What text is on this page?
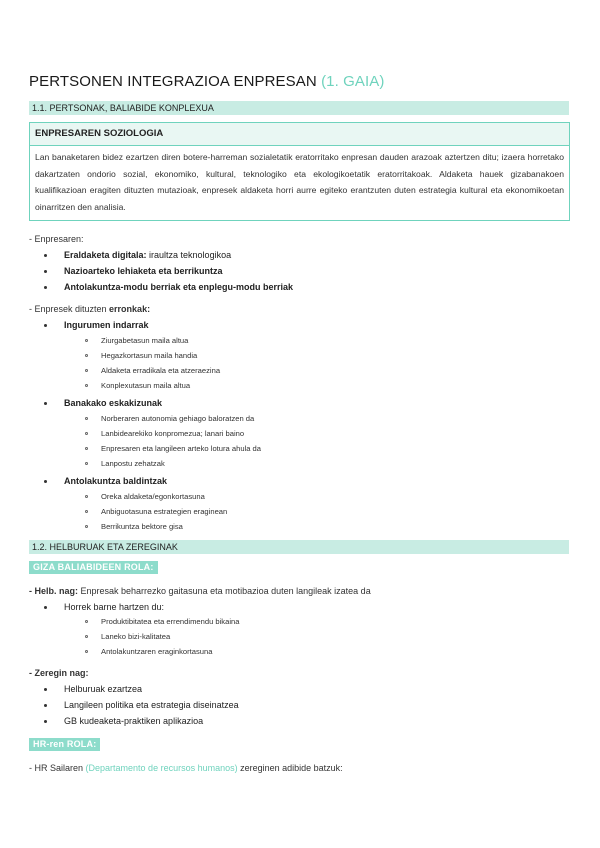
PERTSONEN INTEGRAZIOA ENPRESAN (1. GAIA)
1.1. PERTSONAK, BALIABIDE KONPLEXUA
ENPRESAREN SOZIOLOGIA
Lan banaketaren bidez ezartzen diren botere-harreman sozialetatik eratorritako enpresan dauden arazoak aztertzen ditu; izaera horretako dakartzaten ondorio sozial, ekonomiko, kultural, teknologiko eta ekologikoetatik eratorritakoak. Aldaketa hauek gizabanakoen kualifikazioan eragiten dituzten mutazioak, enpresek aldaketa horri aurre egiteko erantzuten duten estrategia kultural eta ekonomikoetan oinarritzen den analisia.
- Enpresaren:
Eraldaketa digitala: iraultza teknologikoa
Nazioarteko lehiaketa eta berrikuntza
Antolakuntza-modu berriak eta enplegu-modu berriak
- Enpresek dituzten erronkak:
Ingurumen indarrak
Ziurgabetasun maila altua
Hegazkortasun maila handia
Aldaketa erradikala eta atzeraezina
Konplexutasun maila altua
Banakako eskakizunak
Norberaren autonomia gehiago baloratzen da
Lanbidearekiko konpromezua; lanari baino
Enpresaren eta langileen arteko lotura ahula da
Lanpostu zehatzak
Antolakuntza baldintzak
Oreka aldaketa/egonkortasuna
Anbiguotasuna estrategien eraginean
Berrikuntza bektore gisa
1.2. HELBURUAK ETA ZEREGINAK
GIZA BALIABIDEEN ROLA:
- Helb. nag: Enpresak beharrezko gaitasuna eta motibazioa duten langileak izatea da
Horrek barne hartzen du:
Produktibitatea eta errendimendu bikaina
Laneko bizi-kalitatea
Antolakuntzaren eraginkortasuna
- Zeregin nag:
Helburuak ezartzea
Langileen politika eta estrategia diseinatzea
GB kudeaketa-praktiken aplikazioa
HR-ren ROLA:
- HR Sailaren (Departamento de recursos humanos) zereginen adibide batzuk:
